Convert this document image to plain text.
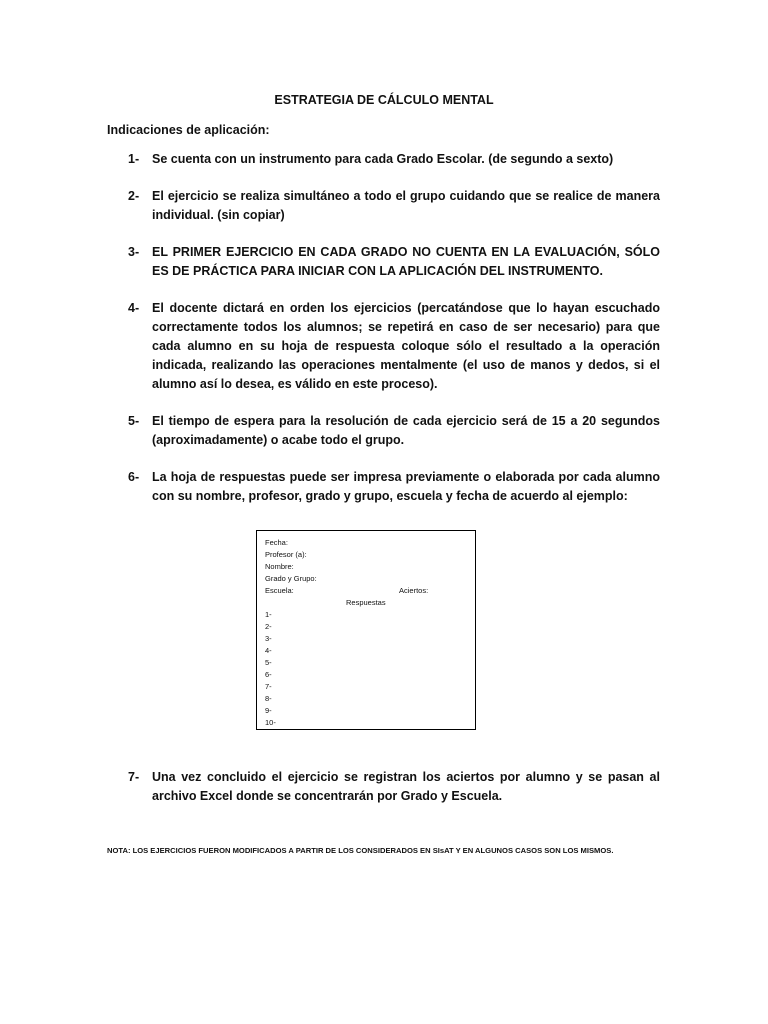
ESTRATEGIA DE CÁLCULO MENTAL
Indicaciones de aplicación:
1-	Se cuenta con un instrumento para cada Grado Escolar. (de segundo a sexto)
2-	El ejercicio se realiza simultáneo a todo el grupo cuidando que se realice de manera individual. (sin copiar)
3-	EL PRIMER EJERCICIO EN CADA GRADO NO CUENTA EN LA EVALUACIÓN, SÓLO ES DE PRÁCTICA PARA INICIAR CON LA APLICACIÓN DEL INSTRUMENTO.
4-	El docente dictará en orden los ejercicios (percatándose que lo hayan escuchado correctamente todos los alumnos; se repetirá en caso de ser necesario) para que cada alumno en su hoja de respuesta coloque sólo el resultado a la operación indicada, realizando las operaciones mentalmente (el uso de manos y dedos, si el alumno así lo desea, es válido en este proceso).
5-	El tiempo de espera para la resolución de cada ejercicio será de 15 a 20 segundos (aproximadamente) o acabe todo el grupo.
6-	La hoja de respuestas puede ser impresa previamente o elaborada por cada alumno con su nombre, profesor, grado y grupo, escuela y fecha de acuerdo al ejemplo:
Fecha:
Profesor (a):
Nombre:
Grado y Grupo:
Escuela:	Aciertos:
Respuestas
1-
2-
3-
4-
5-
6-
7-
8-
9-
10-
7-	Una vez concluido el ejercicio se registran los aciertos por alumno y se pasan al archivo Excel donde se concentrarán por Grado y Escuela.
NOTA: LOS EJERCICIOS FUERON MODIFICADOS A PARTIR DE LOS CONSIDERADOS EN SIsAT Y EN ALGUNOS CASOS SON LOS MISMOS.
